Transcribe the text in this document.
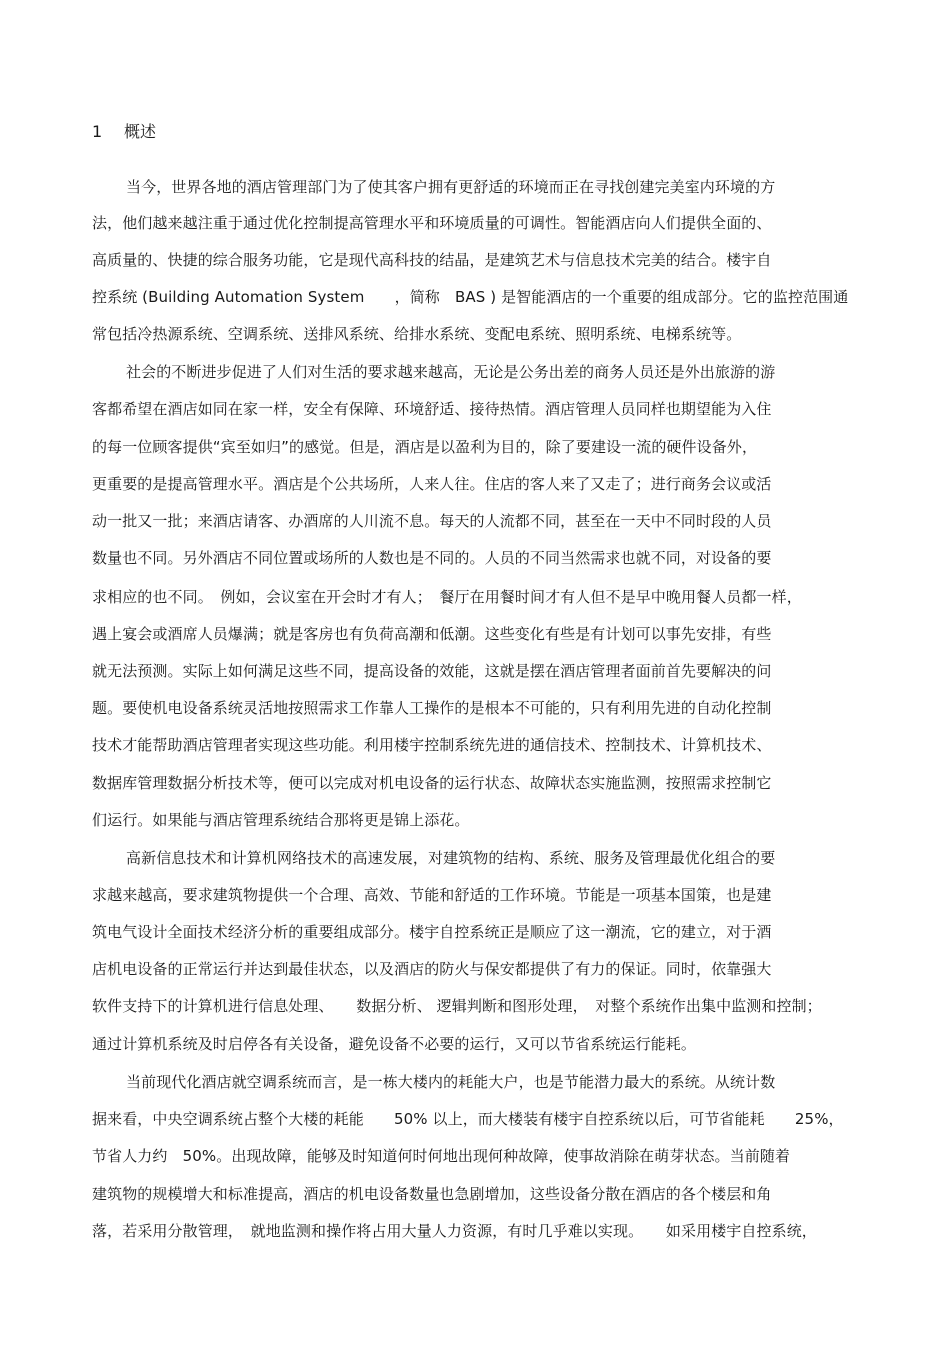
1 概述
当今，世界各地的酒店管理部门为了使其客户拥有更舒适的环境而正在寻找创建完美室内环境的方
法，他们越来越注重于通过优化控制提高管理水平和环境质量的可调性。智能酒店向人们提供全面的、
高质量的、快捷的综合服务功能，它是现代高科技的结晶，是建筑艺术与信息技术完美的结合。楼宇自
控系统 (Building Automation System　　，简称　BAS ) 是智能酒店的一个重要的组成部分。它的监控范围通
常包括冷热源系统、空调系统、送排风系统、给排水系统、变配电系统、照明系统、电梯系统等。
社会的不断进步促进了人们对生活的要求越来越高，无论是公务出差的商务人员还是外出旅游的游
客都希望在酒店如同在家一样，安全有保障、环境舒适、接待热情。酒店管理人员同样也期望能为入住
的每一位顾客提供“宾至如归”的感觉。但是，酒店是以盈利为目的，除了要建设一流的硬件设备外，
更重要的是提高管理水平。酒店是个公共场所，人来人往。住店的客人来了又走了；进行商务会议或活
动一批又一批；来酒店请客、办酒席的人川流不息。每天的人流都不同，甚至在一天中不同时段的人员
数量也不同。另外酒店不同位置或场所的人数也是不同的。人员的不同当然需求也就不同，对设备的要
求相应的也不同。　例如，会议室在开会时才有人；　餐厅在用餐时间才有人但不是早中晚用餐人员都一样，
遇上宴会或酒席人员爆满；就是客房也有负荷高潮和低潮。这些变化有些是有计划可以事先安排，有些
就无法预测。实际上如何满足这些不同，提高设备的效能，这就是摆在酒店管理者面前首先要解决的问
题。要使机电设备系统灵活地按照需求工作靠人工操作的是根本不可能的，只有利用先进的自动化控制
技术才能帮助酒店管理者实现这些功能。利用楼宇控制系统先进的通信技术、控制技术、计算机技术、
数据库管理数据分析技术等，便可以完成对机电设备的运行状态、故障状态实施监测，按照需求控制它
们运行。如果能与酒店管理系统结合那将更是锦上添花。
高新信息技术和计算机网络技术的高速发展，对建筑物的结构、系统、服务及管理最优化组合的要
求越来越高，要求建筑物提供一个合理、高效、节能和舒适的工作环境。节能是一项基本国策，也是建
筑电气设计全面技术经济分析的重要组成部分。楼宇自控系统正是顺应了这一潮流，它的建立，对于酒
店机电设备的正常运行并达到最佳状态，以及酒店的防火与保安都提供了有力的保证。同时，依靠强大
软件支持下的计算机进行信息处理、　　数据分析、 逻辑判断和图形处理，　对整个系统作出集中监测和控制；
通过计算机系统及时启停各有关设备，避免设备不必要的运行，又可以节省系统运行能耗。
当前现代化酒店就空调系统而言，是一栋大楼内的耗能大户，也是节能潜力最大的系统。从统计数
据来看，中央空调系统占整个大楼的耗能　　50% 以上，而大楼装有楼宇自控系统以后，可节省能耗　　25%，
节省人力约　50%。出现故障，能够及时知道何时何地出现何种故障，使事故消除在萌芽状态。当前随着
建筑物的规模增大和标准提高，酒店的机电设备数量也急剧增加，这些设备分散在酒店的各个楼层和角
落，若采用分散管理，　就地监测和操作将占用大量人力资源，有时几乎难以实现。　　如采用楼宇自控系统，
